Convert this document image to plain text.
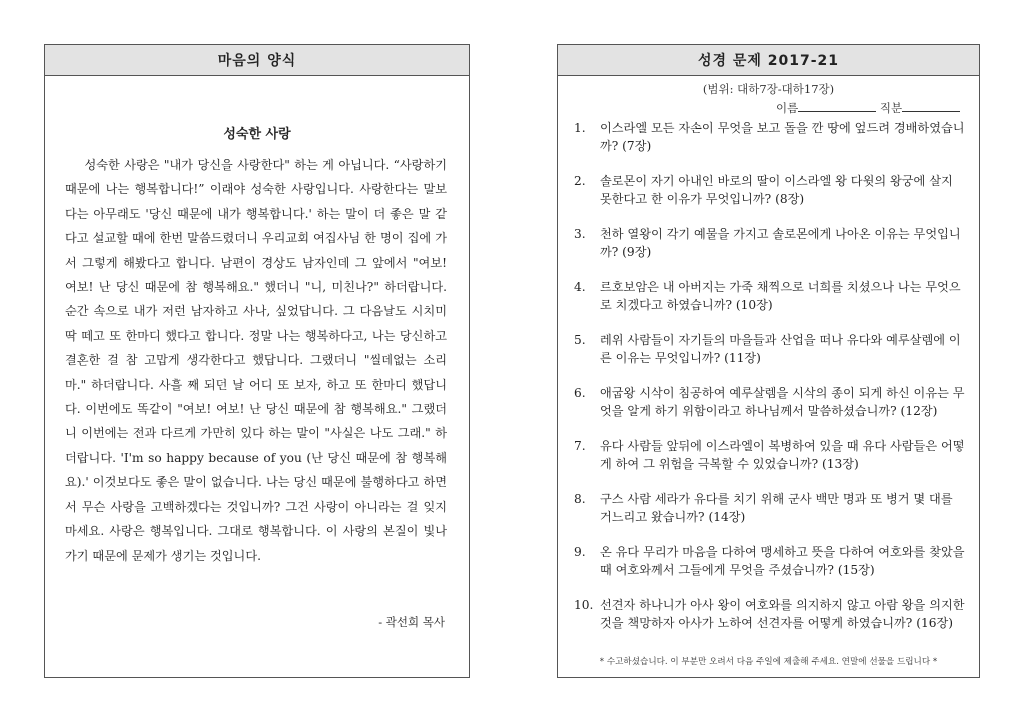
마음의 양식
성숙한 사랑

성숙한 사랑은 "내가 당신을 사랑한다" 하는 게 아닙니다. “사랑하기 때문에 나는 행복합니다!” 이래야 성숙한 사랑입니다. 사랑한다는 말보다는 아무래도 '당신 때문에 내가 행복합니다.' 하는 말이 더 좋은 말 같다고 설교할 때에 한번 말씀드렸더니 우리교회 여집사님 한 명이 집에 가서 그렇게 해봤다고 합니다. 남편이 경상도 남자인데 그 앞에서 "여보! 여보! 난 당신 때문에 참 행복해요." 했더니 "니, 미친나?" 하더랍니다. 순간 속으로 내가 저런 남자하고 사나, 싶었답니다. 그 다음날도 시치미 딱 떼고 또 한마디 했다고 합니다. 정말 나는 행복하다고, 나는 당신하고 결혼한 걸 참 고맙게 생각한다고 했답니다. 그랬더니 "씰데없는 소리 마." 하더랍니다. 사흘 째 되던 날 어디 또 보자, 하고 또 한마디 했답니다. 이번에도 똑같이 "여보! 여보! 난 당신 때문에 참 행복해요." 그랬더니 이번에는 전과 다르게 가만히 있다 하는 말이 "사실은 나도 그래." 하더랍니다. 'I'm so happy because of you (난 당신 때문에 참 행복해요).' 이것보다도 좋은 말이 없습니다. 나는 당신 때문에 불행하다고 하면서 무슨 사랑을 고백하겠다는 것입니까? 그건 사랑이 아니라는 걸 잊지 마세요. 사랑은 행복입니다. 그대로 행복합니다. 이 사랑의 본질이 빛나가기 때문에 문제가 생기는 것입니다.

- 곽선희 목사
성경 문제 2017-21
(범위: 대하7장-대하17장)
이름	직분
1. 이스라엘 모든 자손이 무엇을 보고 돌을 깐 땅에 엎드려 경배하였습니까? (7장)
2. 솔로몬이 자기 아내인 바로의 딸이 이스라엘 왕 다윗의 왕궁에 살지 못한다고 한 이유가 무엇입니까? (8장)
3. 천하 열왕이 각기 예물을 가지고 솔로몬에게 나아온 이유는 무엇입니까? (9장)
4. 르호보암은 내 아버지는 가죽 채찍으로 너희를 치셨으나 나는 무엇으로 치겠다고 하였습니까? (10장)
5. 레위 사람들이 자기들의 마을들과 산업을 떠나 유다와 예루살렘에 이른 이유는 무엇입니까? (11장)
6. 애굽왕 시삭이 침공하여 예루살렘을 시삭의 종이 되게 하신 이유는 무엇을 알게 하기 위함이라고 하나님께서 말씀하셨습니까? (12장)
7. 유다 사람들 앞뒤에 이스라엘이 복병하여 있을 때 유다 사람들은 어떻게 하여 그 위험을 극복할 수 있었습니까? (13장)
8. 구스 사람 세라가 유다를 치기 위해 군사 백만 명과 또 병거 몇 대를 거느리고 왔습니까? (14장)
9. 온 유다 무리가 마음을 다하여 맹세하고 뜻을 다하여 여호와를 찾았을 때 여호와께서 그들에게 무엇을 주셨습니까? (15장)
10. 선견자 하나니가 아사 왕이 여호와를 의지하지 않고 아람 왕을 의지한 것을 책망하자 아사가 노하여 선견자를 어떻게 하였습니까? (16장)
* 수고하셨습니다. 이 부분만 오려서 다음 주일에 제출해 주세요. 연말에 선물을 드립니다 *
